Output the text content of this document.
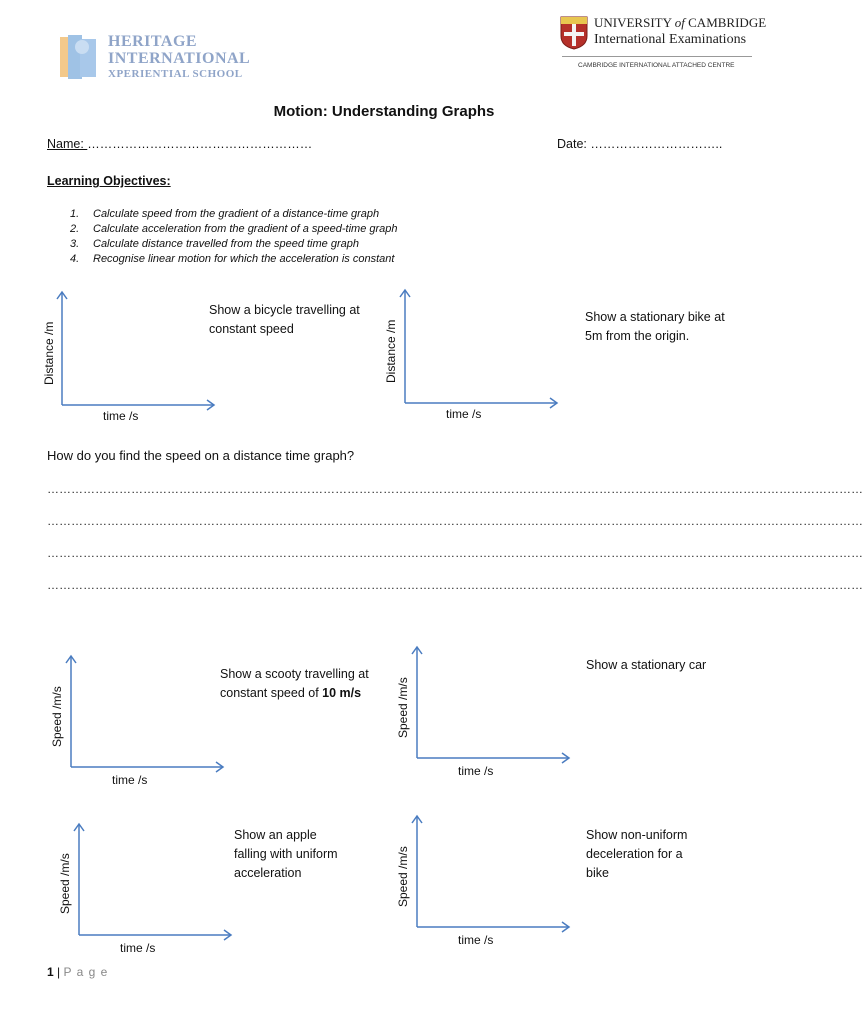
HERITAGE
INTERNATIONAL
XPERIENTIAL SCHOOL
UNIVERSITY of CAMBRIDGE
International Examinations
CAMBRIDGE INTERNATIONAL ATTACHED CENTRE
Motion: Understanding Graphs
Name: ………………………………………………	Date: …………………………..
Learning Objectives:
1. Calculate speed from the gradient of a distance-time graph
2. Calculate acceleration from the gradient of a speed-time graph
3. Calculate distance travelled from the speed time graph
4. Recognise linear motion for which the acceleration is constant
Distance /m
time /s
Show a bicycle travelling at
constant speed	Distance /m
time /s
Show a stationary bike at
5m from the origin.
How do you find the speed on a distance time graph?
……………………………………………………………………………………………………………………………………………………………………………………
……………………………………………………………………………………………………………………………………………………………………………………
……………………………………………………………………………………………………………………………………………………………………………………
……………………………………………………………………………………………………………………………………………………………………………………
Speed /m/s
time /s
Show a scooty travelling at
constant speed of 10 m/s	Speed /m/s
time /s
Show a stationary car
Speed /m/s
time /s
Show an apple
falling with uniform
acceleration	Speed /m/s
time /s
Show non-uniform
deceleration for a
bike
1 | P a g e
